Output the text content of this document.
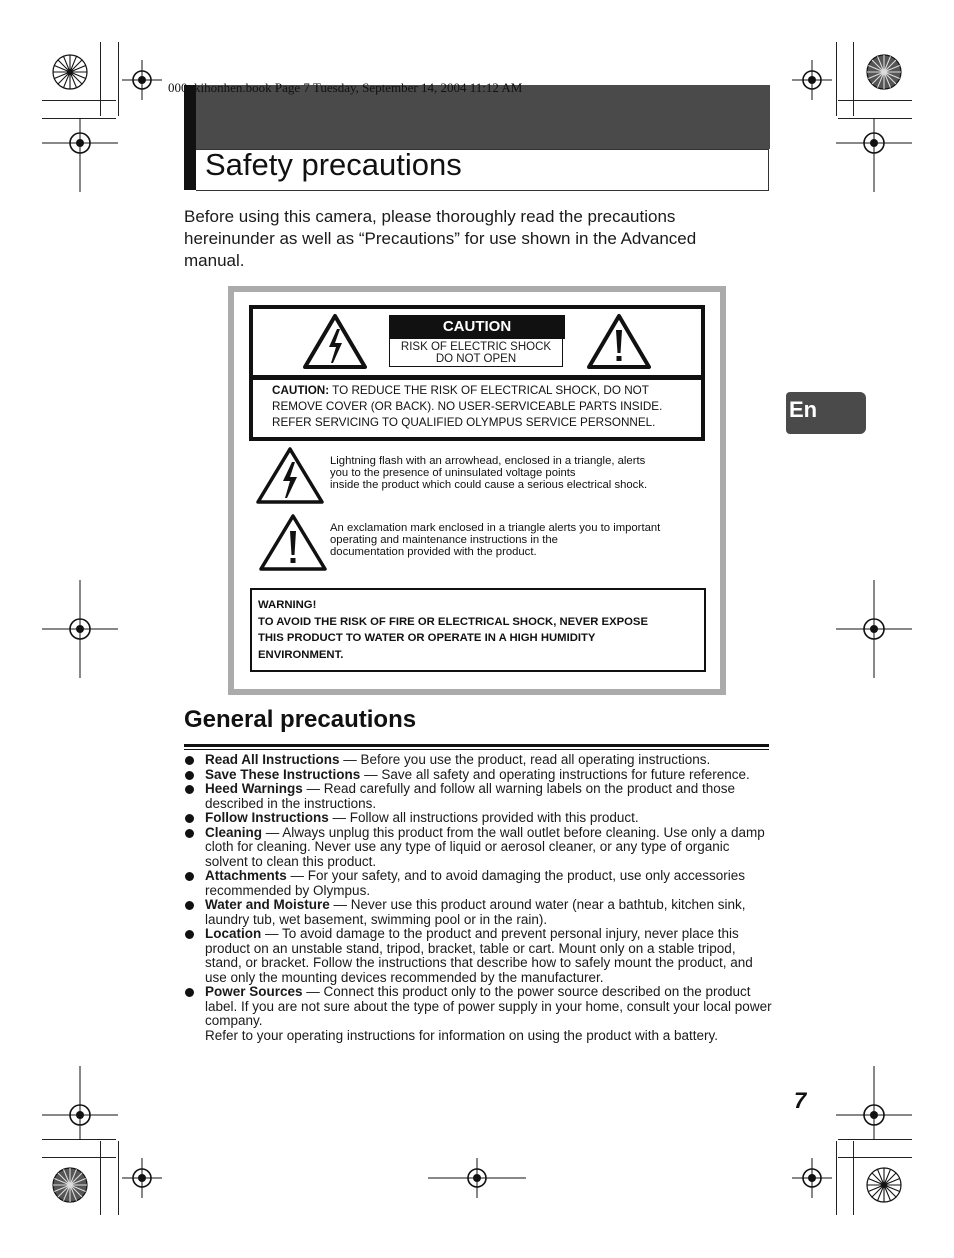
000_kihonhen.book Page 7 Tuesday, September 14, 2004 11:12 AM
Safety precautions

Before using this camera, please thoroughly read the precautions hereinunder as well as “Precautions” for use shown in the Advanced manual.

En
CAUTION
RISK OF ELECTRIC SHOCK
DO NOT OPEN
CAUTION: TO REDUCE THE RISK OF ELECTRICAL SHOCK, DO NOT
REMOVE COVER (OR BACK). NO USER-SERVICEABLE PARTS INSIDE.
REFER SERVICING TO QUALIFIED OLYMPUS SERVICE PERSONNEL.
Lightning flash with an arrowhead, enclosed in a triangle, alerts
you to the presence of uninsulated voltage points
inside the product which could cause a serious electrical shock.
An exclamation mark enclosed in a triangle alerts you to important
operating and maintenance instructions in the
documentation provided with the product.
WARNING!
TO AVOID THE RISK OF FIRE OR ELECTRICAL SHOCK, NEVER EXPOSE
THIS PRODUCT TO WATER OR OPERATE IN A HIGH HUMIDITY
ENVIRONMENT.
General precautions
Read All Instructions — Before you use the product, read all operating instructions.
Save These Instructions — Save all safety and operating instructions for future reference.
Heed Warnings — Read carefully and follow all warning labels on the product and those described in the instructions.
Follow Instructions — Follow all instructions provided with this product.
Cleaning — Always unplug this product from the wall outlet before cleaning. Use only a damp cloth for cleaning. Never use any type of liquid or aerosol cleaner, or any type of organic solvent to clean this product.
Attachments — For your safety, and to avoid damaging the product, use only accessories recommended by Olympus.
Water and Moisture — Never use this product around water (near a bathtub, kitchen sink, laundry tub, wet basement, swimming pool or in the rain).
Location — To avoid damage to the product and prevent personal injury, never place this product on an unstable stand, tripod, bracket, table or cart. Mount only on a stable tripod, stand, or bracket. Follow the instructions that describe how to safely mount the product, and use only the mounting devices recommended by the manufacturer.
Power Sources — Connect this product only to the power source described on the product label. If you are not sure about the type of power supply in your home, consult your local power company.
Refer to your operating instructions for information on using the product with a battery.
7
